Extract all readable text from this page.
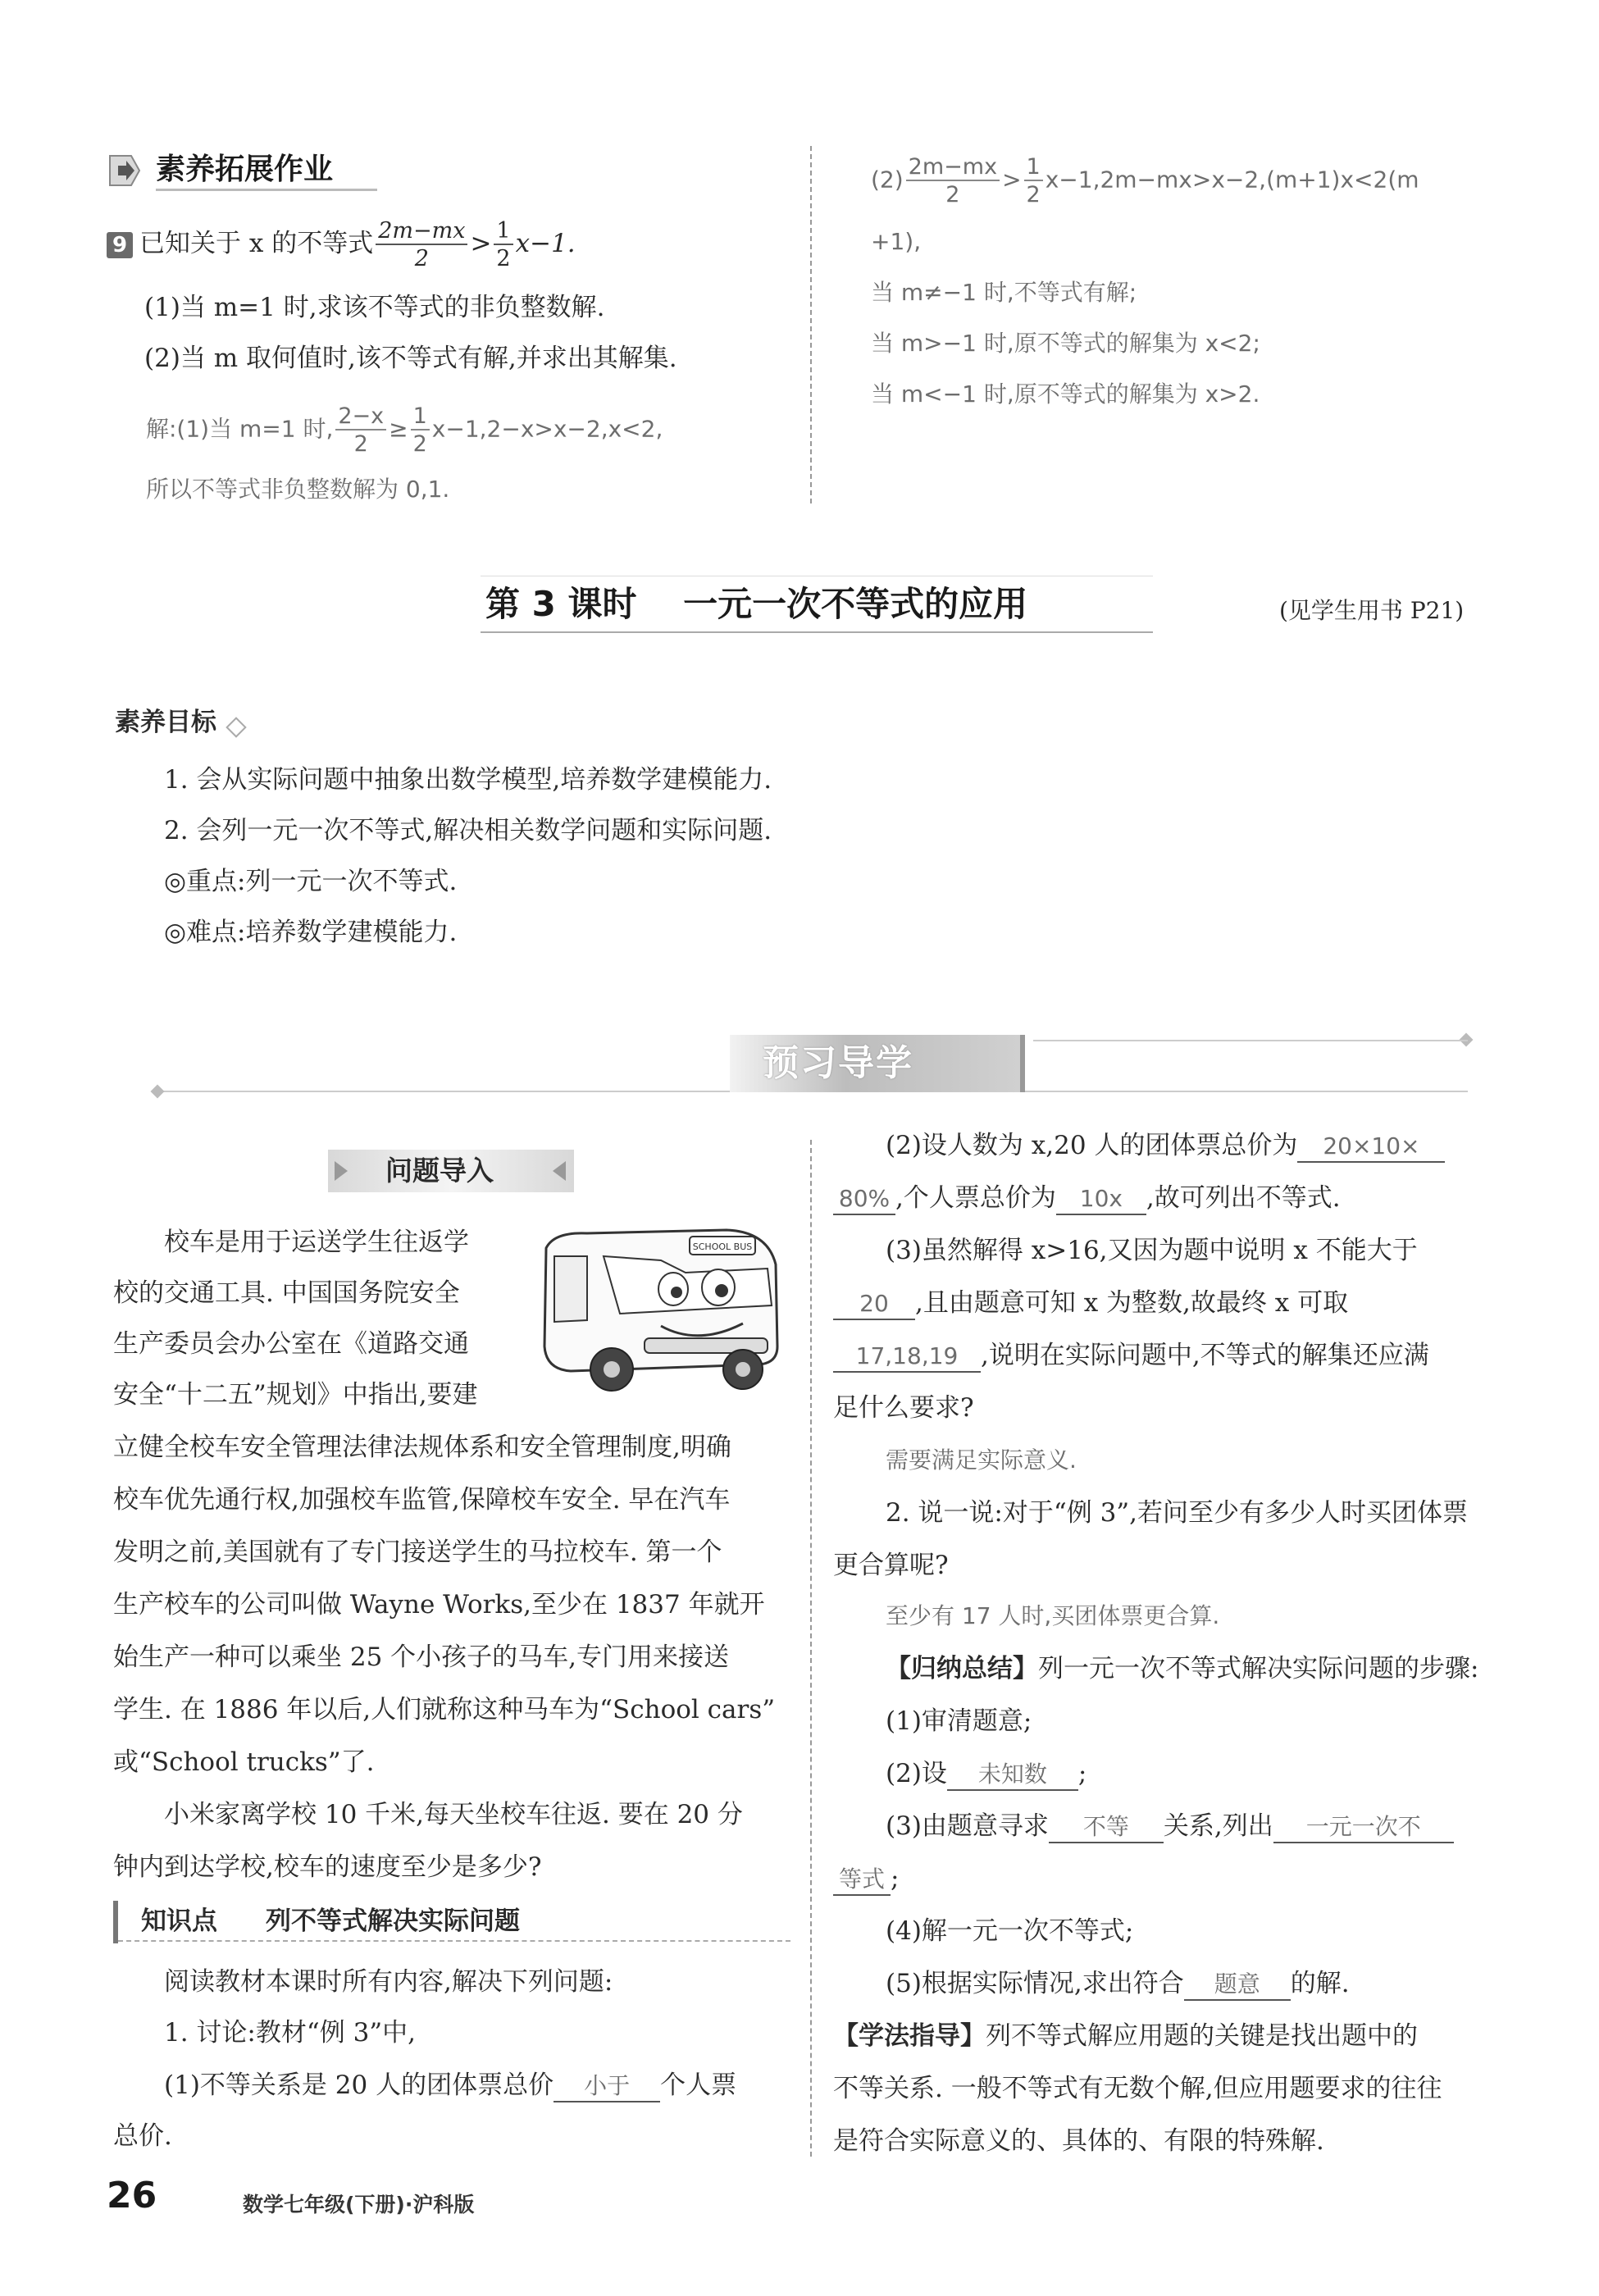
素养拓展作业
9 已知关于 x 的不等式 $\frac{2m-mx}{2} > \frac{1}{2} x-1$.
(1)当 m=1 时,求该不等式的非负整数解.
(2)当 m 取何值时,该不等式有解,并求出其解集.
解:(1)当 m=1 时, $\frac{2-x}{2} \ge \frac{1}{2} x-1,2-x>x-2,x<2$,
所以不等式非负整数解为 0,1.
$(2) \frac{2m-mx}{2} > \frac{1}{2} x-1,2m-mx>x-2,(m+1)x<2(m$
+1),
当 m≠−1 时,不等式有解;
当 m>−1 时,原不等式的解集为 x<2;
当 m<−1 时,原不等式的解集为 x>2.
第 3 课时　 一元一次不等式的应用	(见学生用书 P21)
素养目标
1. 会从实际问题中抽象出数学模型,培养数学建模能力.
2. 会列一元一次不等式,解决相关数学问题和实际问题.
◎重点:列一元一次不等式.
◎难点:培养数学建模能力.
预习导学
问题导入
SCHOOL BUS
校车是用于运送学生往返学
校的交通工具. 中国国务院安全
生产委员会办公室在《道路交通
安全“十二五”规划》中指出,要建
立健全校车安全管理法律法规体系和安全管理制度,明确
校车优先通行权,加强校车监管,保障校车安全. 早在汽车
发明之前,美国就有了专门接送学生的马拉校车. 第一个
生产校车的公司叫做 Wayne Works,至少在 1837 年就开
始生产一种可以乘坐 25 个小孩子的马车,专门用来接送
学生. 在 1886 年以后,人们就称这种马车为“School cars”
或“School trucks”了.
小米家离学校 10 千米,每天坐校车往返. 要在 20 分
钟内到达学校,校车的速度至少是多少?
知识点 列不等式解决实际问题
阅读教材本课时所有内容,解决下列问题:
1. 讨论:教材“例 3”中,
(1)不等关系是 20 人的团体票总价 小于 个人票
总价.
(2)设人数为 x,20 人的团体票总价为 20×10×
80% ,个人票总价为 10x ,故可列出不等式.
(3)虽然解得 x>16,又因为题中说明 x 不能大于
20 ,且由题意可知 x 为整数,故最终 x 可取
17,18,19 ,说明在实际问题中,不等式的解集还应满
足什么要求?
需要满足实际意义.
2. 说一说:对于“例 3”,若问至少有多少人时买团体票
更合算呢?
至少有 17 人时,买团体票更合算.
【归纳总结】列一元一次不等式解决实际问题的步骤:
(1)审清题意;
(2)设 未知数 ;
(3)由题意寻求 不等 关系,列出 一元一次不
等式 ;
(4)解一元一次不等式;
(5)根据实际情况,求出符合 题意 的解.
【学法指导】列不等式解应用题的关键是找出题中的
不等关系. 一般不等式有无数个解,但应用题要求的往往
是符合实际意义的、具体的、有限的特殊解.
26	数学七年级(下册)·沪科版
